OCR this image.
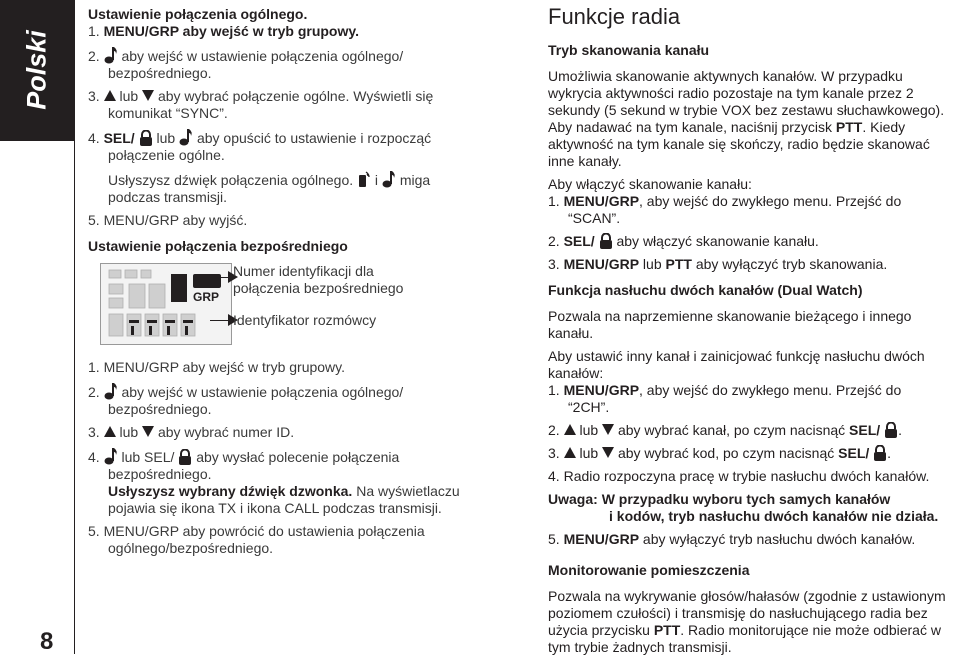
Polski
8

Ustawienie połączenia ogólnego.

1. MENU/GRP aby wejść w tryb grupowy.

2.  aby wejść w ustawienie połączenia ogólnego/
bezpośredniego.

3.  lub aby wybrać połączenie ogólne. Wyświetli się
komunikat “SYNC”.

4. SEL/ lub aby opuścić to ustawienie i rozpocząć
połączenie ogólne.

Usłyszysz dźwięk połączenia ogólnego. i miga
podczas transmisji.

5. MENU/GRP aby wyjść.

Ustawienie połączenia bezpośredniego

GRP
Numer identyfikacji dla
połączenia bezpośredniego
Identyfikator rozmówcy

1. MENU/GRP aby wejść w tryb grupowy.

2.  aby wejść w ustawienie połączenia ogólnego/
bezpośredniego.

3.  lub aby wybrać numer ID.

4.  lub SEL/ aby wysłać polecenie połączenia
bezpośredniego.
Usłyszysz wybrany dźwięk dzwonka. Na wyświetlaczu
pojawia się ikona TX i ikona CALL podczas transmisji.

5. MENU/GRP aby powrócić do ustawienia połączenia
ogólnego/bezpośredniego.

Funkcje radia

Tryb skanowania kanału

Umożliwia skanowanie aktywnych kanałów. W przypadku wykrycia aktywności radio pozostaje na tym kanale przez 2 sekundy (5 sekund w trybie VOX bez zestawu słuchawkowego). Aby nadawać na tym kanale, naciśnij przycisk PTT. Kiedy aktywność na tym kanale się skończy, radio będzie skanować inne kanały.

Aby włączyć skanowanie kanału:

1. MENU/GRP, aby wejść do zwykłego menu. Przejść do
“SCAN”.

2. SEL/ aby włączyć skanowanie kanału.

3. MENU/GRP lub PTT aby wyłączyć tryb skanowania.

Funkcja nasłuchu dwóch kanałów (Dual Watch)

Pozwala na naprzemienne skanowanie bieżącego i innego kanału.

Aby ustawić inny kanał i zainicjować funkcję nasłuchu dwóch kanałów:

1. MENU/GRP, aby wejść do zwykłego menu. Przejść do
“2CH”.

2.  lub aby wybrać kanał, po czym nacisnąć SEL/ .

3.  lub aby wybrać kod, po czym nacisnąć SEL/ .

4. Radio rozpoczyna pracę w trybie nasłuchu dwóch kanałów.

Uwaga: W przypadku wyboru tych samych kanałów
i kodów, tryb nasłuchu dwóch kanałów nie działa.

5. MENU/GRP aby wyłączyć tryb nasłuchu dwóch kanałów.

Monitorowanie pomieszczenia

Pozwala na wykrywanie głosów/hałasów (zgodnie z ustawionym poziomem czułości) i transmisję do nasłuchującego radia bez użycia przycisku PTT. Radio monitorujące nie może odbierać w tym trybie żadnych transmisji.
